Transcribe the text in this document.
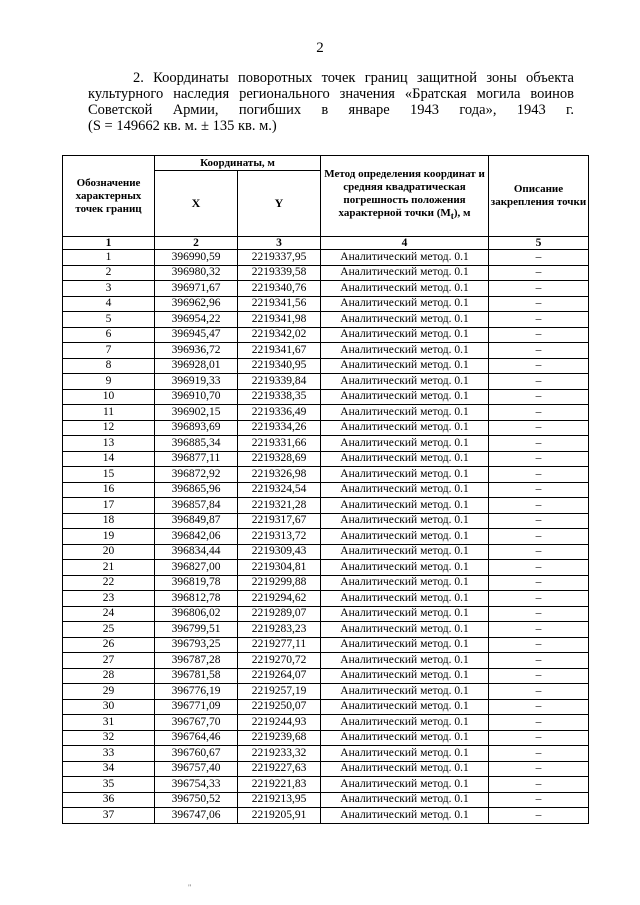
2

2. Координаты поворотных точек границ защитной зоны объекта

культурного наследия регионального значения «Братская могила воинов

Советской Армии, погибших в январе 1943 года», 1943 г.

(S = 149662 кв. м. ± 135 кв. м.)

Обозначение характерных точек границ	Координаты, м		Метод определения координат и средняя квадратическая погрешность положения характерной точки $(M_t)$, м	Описание закрепления точки
	X	Y		
1	2	3	4	5
1	396990,59	2219337,95	Аналитический метод. 0.1	–
2	396980,32	2219339,58	Аналитический метод. 0.1	–
3	396971,67	2219340,76	Аналитический метод. 0.1	–
4	396962,96	2219341,56	Аналитический метод. 0.1	–
5	396954,22	2219341,98	Аналитический метод. 0.1	–
6	396945,47	2219342,02	Аналитический метод. 0.1	–
7	396936,72	2219341,67	Аналитический метод. 0.1	–
8	396928,01	2219340,95	Аналитический метод. 0.1	–
9	396919,33	2219339,84	Аналитический метод. 0.1	–
10	396910,70	2219338,35	Аналитический метод. 0.1	–
11	396902,15	2219336,49	Аналитический метод. 0.1	–
12	396893,69	2219334,26	Аналитический метод. 0.1	–
13	396885,34	2219331,66	Аналитический метод. 0.1	–
14	396877,11	2219328,69	Аналитический метод. 0.1	–
15	396872,92	2219326,98	Аналитический метод. 0.1	–
16	396865,96	2219324,54	Аналитический метод. 0.1	–
17	396857,84	2219321,28	Аналитический метод. 0.1	–
18	396849,87	2219317,67	Аналитический метод. 0.1	–
19	396842,06	2219313,72	Аналитический метод. 0.1	–
20	396834,44	2219309,43	Аналитический метод. 0.1	–
21	396827,00	2219304,81	Аналитический метод. 0.1	–
22	396819,78	2219299,88	Аналитический метод. 0.1	–
23	396812,78	2219294,62	Аналитический метод. 0.1	–
24	396806,02	2219289,07	Аналитический метод. 0.1	–
25	396799,51	2219283,23	Аналитический метод. 0.1	–
26	396793,25	2219277,11	Аналитический метод. 0.1	–
27	396787,28	2219270,72	Аналитический метод. 0.1	–
28	396781,58	2219264,07	Аналитический метод. 0.1	–
29	396776,19	2219257,19	Аналитический метод. 0.1	–
30	396771,09	2219250,07	Аналитический метод. 0.1	–
31	396767,70	2219244,93	Аналитический метод. 0.1	–
32	396764,46	2219239,68	Аналитический метод. 0.1	–
33	396760,67	2219233,32	Аналитический метод. 0.1	–
34	396757,40	2219227,63	Аналитический метод. 0.1	–
35	396754,33	2219221,83	Аналитический метод. 0.1	–
36	396750,52	2219213,95	Аналитический метод. 0.1	–
37	396747,06	2219205,91	Аналитический метод. 0.1	–
"
